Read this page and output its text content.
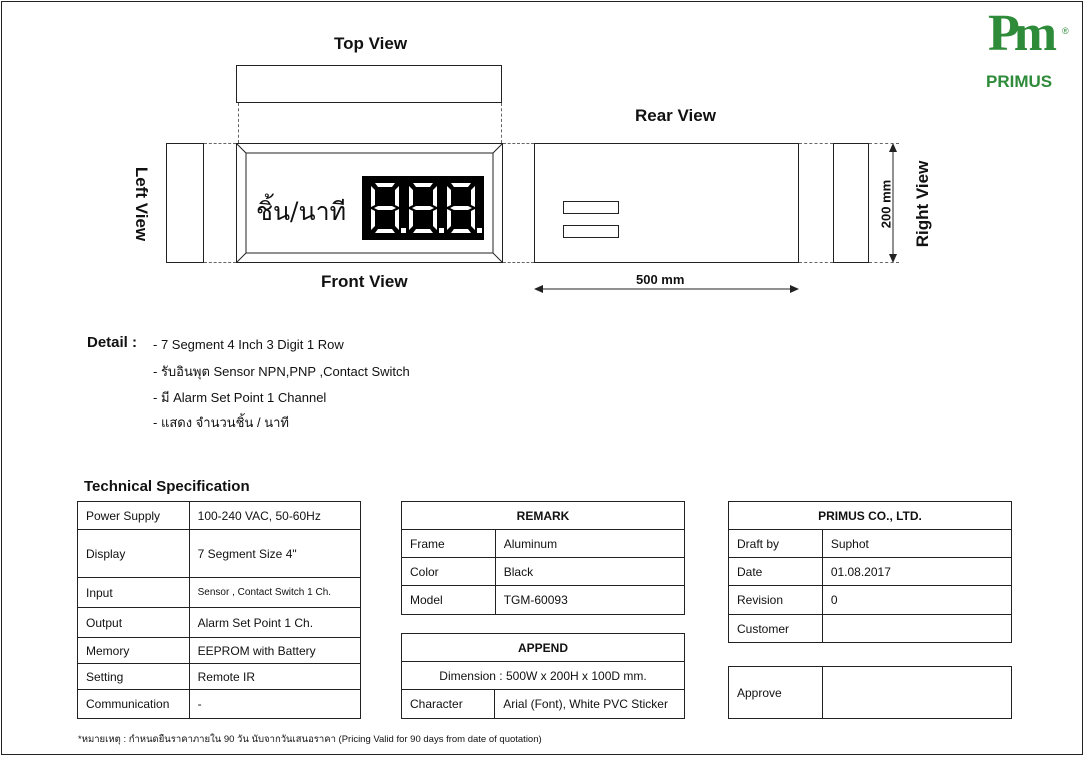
Pm ®
PRIMUS
Top View
Rear View
Front View
Left View	Right View
ชิ้น/นาที	200 mm
500 mm
Detail : - 7 Segment 4 Inch 3 Digit 1 Row
- รับอินพุต Sensor NPN,PNP ,Contact Switch
- มี Alarm Set Point 1 Channel
- แสดง จำนวนชิ้น / นาที
Technical Specification
Power Supply	100-240 VAC, 50-60Hz
Display	7 Segment Size 4"
Input	Sensor , Contact Switch 1 Ch.
Output	Alarm Set Point 1 Ch.
Memory	EEPROM with Battery
Setting	Remote IR
Communication	-
REMARK	
Frame	Aluminum
Color	Black
Model	TGM-60093
APPEND
Dimension : 500W x 200H x 100D mm.
Character	Arial (Font), White PVC Sticker
PRIMUS CO., LTD.	
Draft by	Suphot
Date	01.08.2017
Revision	0
Customer	
Approve	
*หมายเหตุ : กำหนดยืนราคาภายใน 90 วัน นับจากวันเสนอราคา (Pricing Valid for 90 days from date of quotation)
